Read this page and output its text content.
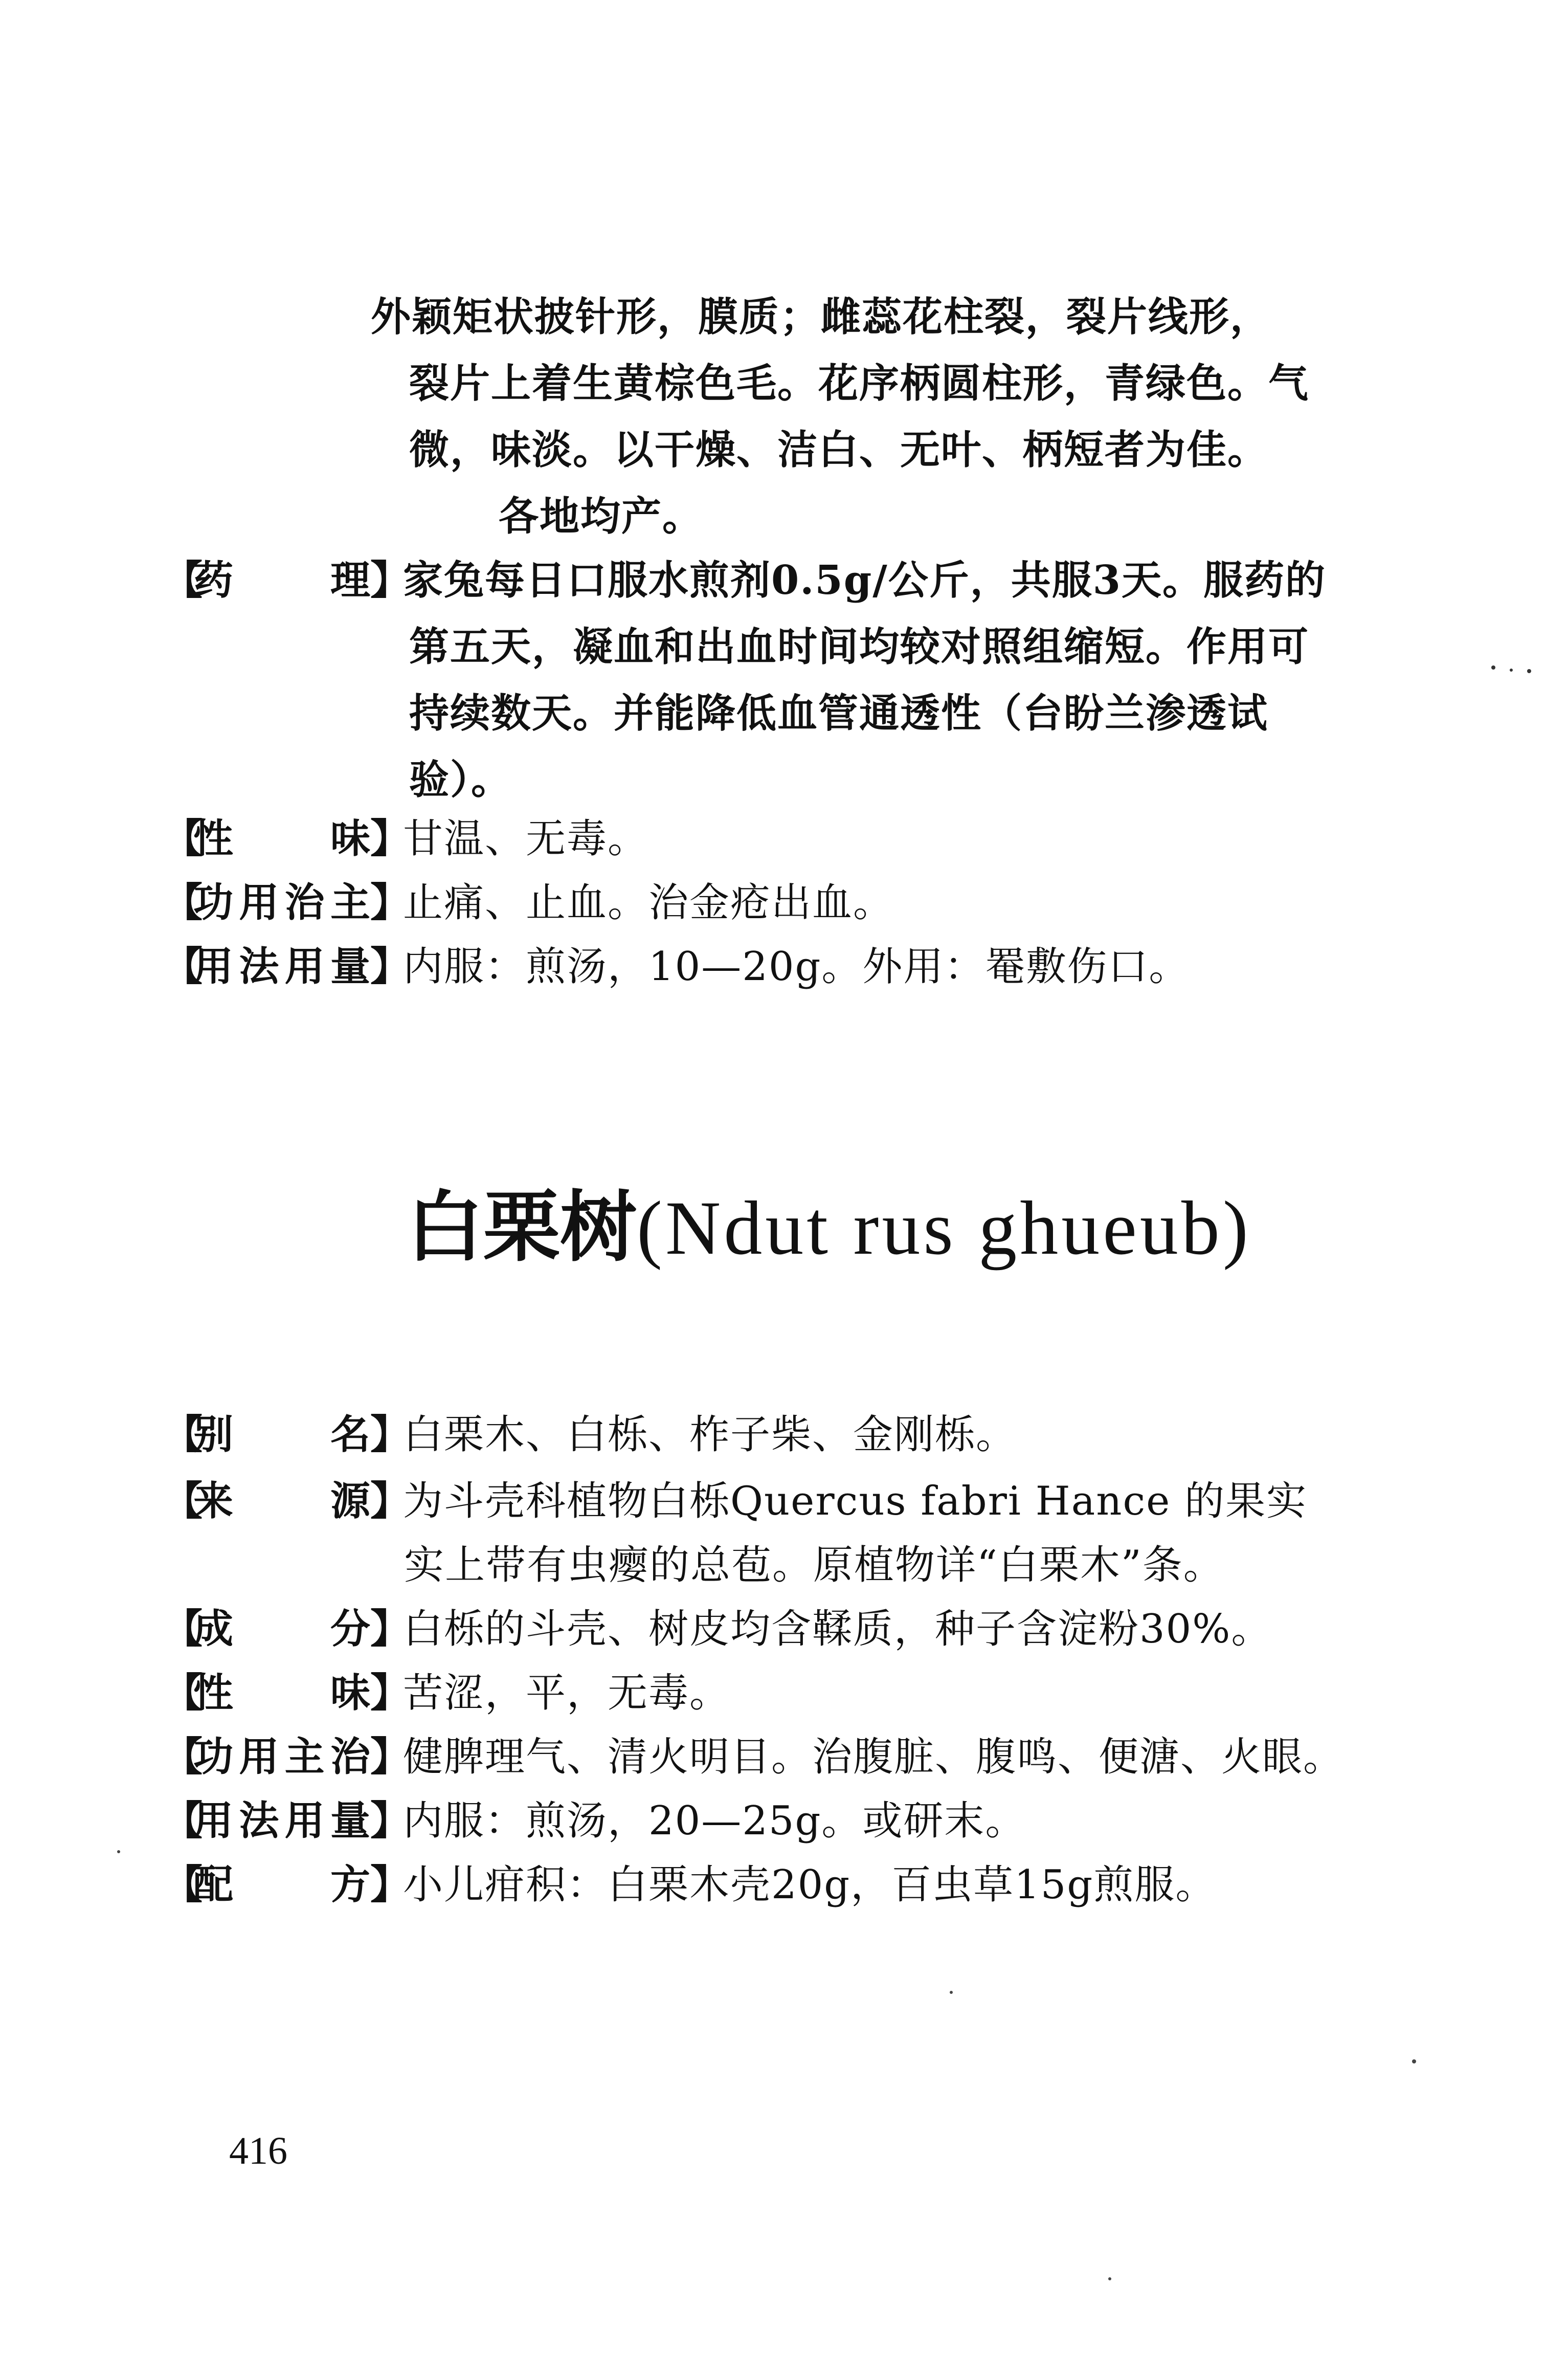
外颖矩状披针形，膜质；雌蕊花柱裂，裂片线形，
裂片上着生黄棕色毛。花序柄圆柱形，青绿色。气
微，味淡。以干燥、洁白、无叶、柄短者为佳。
各地均产。
【药理】家兔每日口服水煎剂0.5g/公斤，共服3天。服药的
第五天，凝血和出血时间均较对照组缩短。作用可
持续数天。并能降低血管通透性（台盼兰渗透试
验）。
【性味】甘温、无毒。
【功用治主】止痛、止血。治金疮出血。
【用法用量】内服：煎汤，10—20g。外用：罨敷伤口。
白栗树(Ndut rus ghueub)
【别名】白栗木、白栎、柞子柴、金刚栎。
【来源】为斗壳科植物白栎Quercus fabri Hance 的果实
实上带有虫瘿的总苞。原植物详“白栗木”条。
【成分】白栎的斗壳、树皮均含鞣质，种子含淀粉30%。
【性味】苦涩，平，无毒。
【功用主治】健脾理气、清火明目。治腹脏、腹鸣、便溏、火眼。
【用法用量】内服：煎汤，20—25g。或研末。
【配方】小儿疳积：白栗木壳20g，百虫草15g煎服。
416
